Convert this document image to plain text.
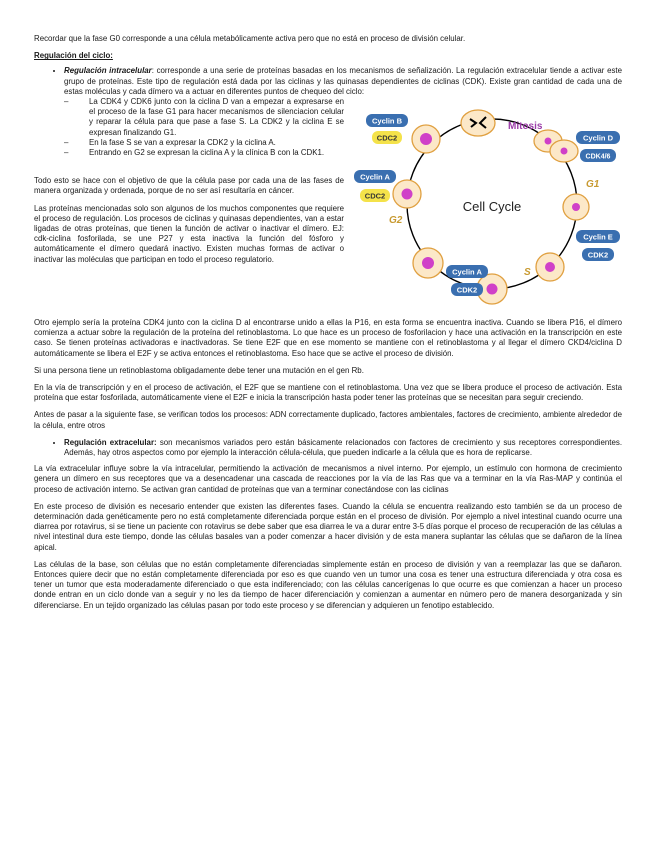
Recordar que la fase G0 corresponde a una célula metabólicamente activa pero que no está en proceso de división celular.

Regulación del ciclo:

• Regulación intracelular: corresponde a una serie de proteínas basadas en los mecanismos de señalización. La regulación extracelular tiende a activar este grupo de proteínas. Este tipo de regulación está dada por las ciclinas y las quinasas dependientes de ciclinas (CDK). Existe gran cantidad de cada una de estas moléculas y cada dímero va a actuar en diferentes puntos de chequeo del ciclo:
Cell Cycle
Mitosis
G1
G2
S
Cyclin B
CDC2
Cyclin A
CDC2
Cyclin D
CDK4/6
Cyclin E
CDK2
Cyclin A
CDK2
– La CDK4 y CDK6 junto con la ciclina D van a empezar a expresarse en el proceso de la fase G1 para hacer mecanismos de silenciacion celular y reparar la célula para que pase a fase S. La CDK2 y la ciclina E se expresan finalizando G1.
– En la fase S se van a expresar la CDK2 y la ciclina A.
– Entrando en G2 se expresan la ciclina A y la clínica B con la CDK1.

Todo esto se hace con el objetivo de que la célula pase por cada una de las fases de manera organizada y ordenada, porque de no ser así resultaría en cáncer.

Las proteínas mencionadas solo son algunos de los muchos componentes que requiere el proceso de regulación. Los procesos de ciclinas y quinasas dependientes, van a estar ligadas de otras proteínas, que tienen la función de activar o inactivar el dímero. EJ: cdk-ciclina fosforilada, se une P27 y esta inactiva la función del fósforo y automáticamente el dímero quedará inactivo. Existen muchas formas de activar o inactivar las moléculas que participan en todo el proceso regulatorio.

Otro ejemplo sería la proteína CDK4 junto con la ciclina D al encontrarse unido a ellas la P16, en esta forma se encuentra inactiva. Cuando se libera P16, el dímero comienza a actuar sobre la regulación de la proteína del retinoblastoma. Lo que hace es un proceso de fosforilacion y hace una activación en la transcripción en este caso. Se tienen proteínas activadoras e inactivadoras. Se tiene E2F que en ese momento se mantiene con el retinoblastoma y al llegar el dímero CKD4/ciclina D automáticamente se libera el E2F y se activa entonces el retinoblastoma. Eso hace que se active el proceso de división.

Si una persona tiene un retinoblastoma obligadamente debe tener una mutación en el gen Rb.

En la vía de transcripción y en el proceso de activación, el E2F que se mantiene con el retinoblastoma. Una vez que se libera produce el proceso de activación. Esta proteína que estar fosforilada, automáticamente viene el E2F e inicia la transcripción hasta poder tener las proteínas que se necesitan para seguir creciendo.

Antes de pasar a la siguiente fase, se verifican todos los procesos: ADN correctamente duplicado, factores ambientales, factores de crecimiento, ambiente alrededor de la célula, entre otros

• Regulación extracelular: son mecanismos variados pero están básicamente relacionados con factores de crecimiento y sus receptores correspondientes. Además, hay otros aspectos como por ejemplo la interacción célula-célula, que pueden indicarle a la célula que es hora de replicarse.

La vía extracelular influye sobre la vía intracelular, permitiendo la activación de mecanismos a nivel interno. Por ejemplo, un estímulo con hormona de crecimiento genera un dímero en sus receptores que va a desencadenar una cascada de reacciones por la vía de las Ras que va a terminar en la vía Ras-MAP y continúa el proceso de activación interno. Se activan gran cantidad de proteínas que van a terminar conectándose con las ciclinas

En este proceso de división es necesario entender que existen las diferentes fases. Cuando la célula se encuentra realizando esto también se da un proceso de determinación dada genéticamente pero no está completamente diferenciada porque están en el proceso de división. Por ejemplo a nivel intestinal cuando ocurre una diarrea por rotavirus, si se tiene un paciente con rotavirus se debe saber que esa diarrea le va a durar entre 3-5 días porque el proceso de recuperación de las células a nivel intestinal dura este tiempo, donde las células basales van a poder comenzar a hacer división y de esta manera suplantar las células que se dañaron de la línea apical.

Las células de la base, son células que no están completamente diferenciadas simplemente están en proceso de división y van a reemplazar las que se dañaron. Entonces quiere decir que no están completamente diferenciada por eso es que cuando ven un tumor una cosa es tener una estructura diferenciada y otra cosa es tener un tumor que esta moderadamente diferenciado o que esta indiferenciado; con las células cancerígenas lo que ocurre es que comienzan a hacer un proceso donde entran en un ciclo donde van a seguir y no les da tiempo de hacer diferenciación y comienzan a aumentar en número pero de manera desorganizada y sin diferenciarse. En un tejido organizado las células pasan por todo este proceso y se diferencian y adquieren un fenotipo establecido.
